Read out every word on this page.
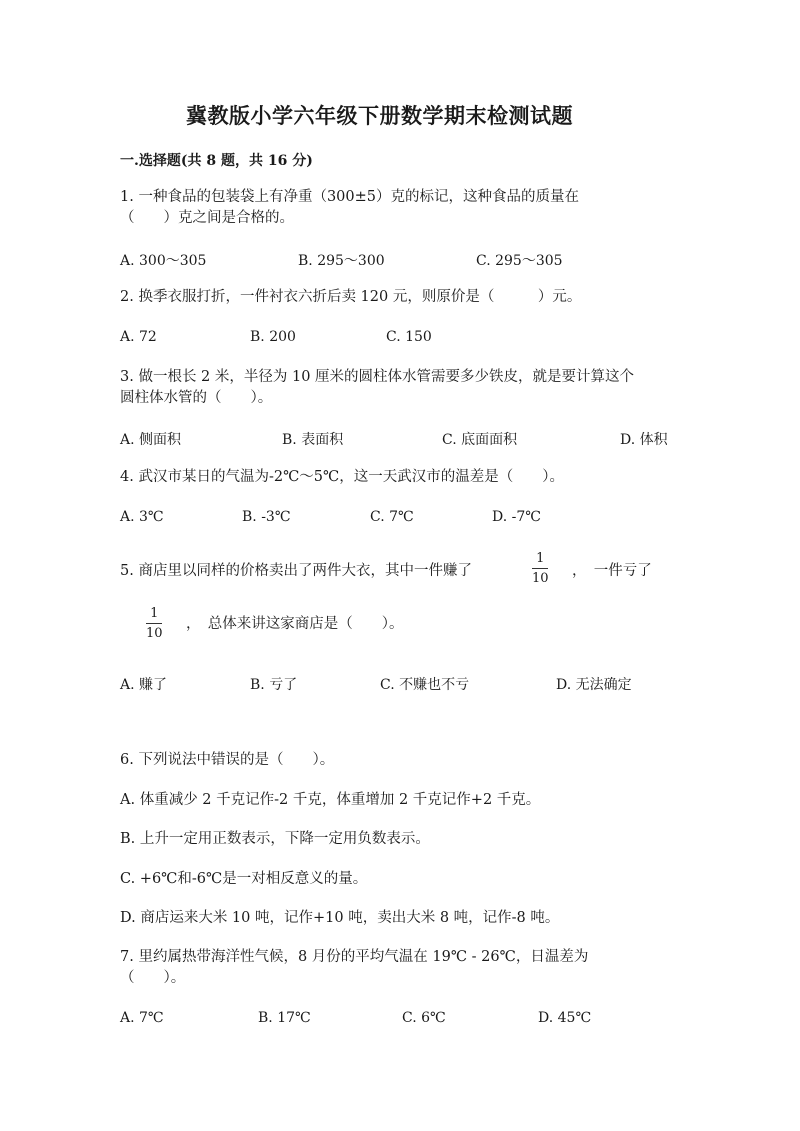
冀教版小学六年级下册数学期末检测试题
一.选择题(共 8 题，共 16 分)
1. 一种食品的包装袋上有净重（300±5）克的标记，这种食品的质量在
（　　）克之间是合格的。
A. 300～305	B. 295～300	C. 295～305
2. 换季衣服打折，一件衬衣六折后卖 120 元，则原价是（　　　）元。
A. 72	B. 200	C. 150
3. 做一根长 2 米，半径为 10 厘米的圆柱体水管需要多少铁皮，就是要计算这个
圆柱体水管的（　　）。
A. 侧面积	B. 表面积	C. 底面面积	D. 体积
4. 武汉市某日的气温为-2℃～5℃，这一天武汉市的温差是（　　）。
A. 3℃	B. -3℃	C. 7℃	D. -7℃
5. 商店里以同样的价格卖出了两件大衣，其中一件赚了
1
10 ，　一件亏了
1
10
，　总体来讲这家商店是（　　）。
A. 赚了	B. 亏了	C. 不赚也不亏	D. 无法确定
6. 下列说法中错误的是（　　）。
A. 体重减少 2 千克记作-2 千克，体重增加 2 千克记作+2 千克。
B. 上升一定用正数表示，下降一定用负数表示。
C. +6℃和-6℃是一对相反意义的量。
D. 商店运来大米 10 吨，记作+10 吨，卖出大米 8 吨，记作-8 吨。
7. 里约属热带海洋性气候，8 月份的平均气温在 19℃ - 26℃，日温差为
（　　）。
A. 7℃	B. 17℃	C. 6℃	D. 45℃
